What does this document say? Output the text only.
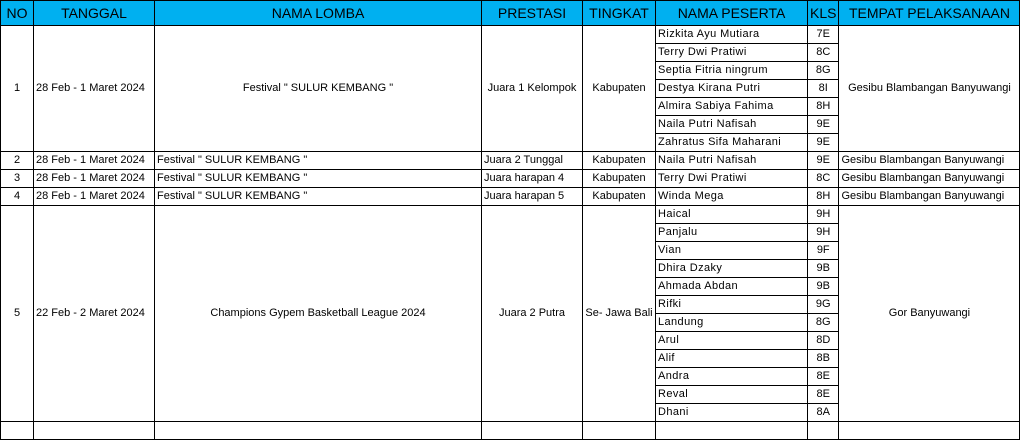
NO	TANGGAL	NAMA LOMBA	PRESTASI	TINGKAT	NAMA PESERTA	KLS	TEMPAT PELAKSANAAN
1	28 Feb - 1 Maret 2024	Festival " SULUR KEMBANG "	Juara 1 Kelompok	Kabupaten	Rizkita Ayu Mutiara	7E	Gesibu Blambangan Banyuwangi
					Terry Dwi Pratiwi	8C	
					Septia Fitria ningrum	8G	
					Destya Kirana Putri	8I	
					Almira Sabiya Fahima	8H	
					Naila Putri Nafisah	9E	
					Zahratus Sifa Maharani	9E	
2	28 Feb - 1 Maret 2024	Festival " SULUR KEMBANG "	Juara 2 Tunggal	Kabupaten	Naila Putri Nafisah	9E	Gesibu Blambangan Banyuwangi
3	28 Feb - 1 Maret 2024	Festival " SULUR KEMBANG "	Juara harapan 4	Kabupaten	Terry Dwi Pratiwi	8C	Gesibu Blambangan Banyuwangi
4	28 Feb - 1 Maret 2024	Festival " SULUR KEMBANG "	Juara harapan 5	Kabupaten	Winda Mega	8H	Gesibu Blambangan Banyuwangi
5	22 Feb - 2 Maret 2024	Champions Gypem Basketball League 2024	Juara 2 Putra	Se- Jawa Bali	Haical	9H	Gor Banyuwangi
					Panjalu	9H	
					Vian	9F	
					Dhira Dzaky	9B	
					Ahmada Abdan	9B	
					Rifki	9G	
					Landung	8G	
					Arul	8D	
					Alif	8B	
					Andra	8E	
					Reval	8E	
					Dhani	8A	
